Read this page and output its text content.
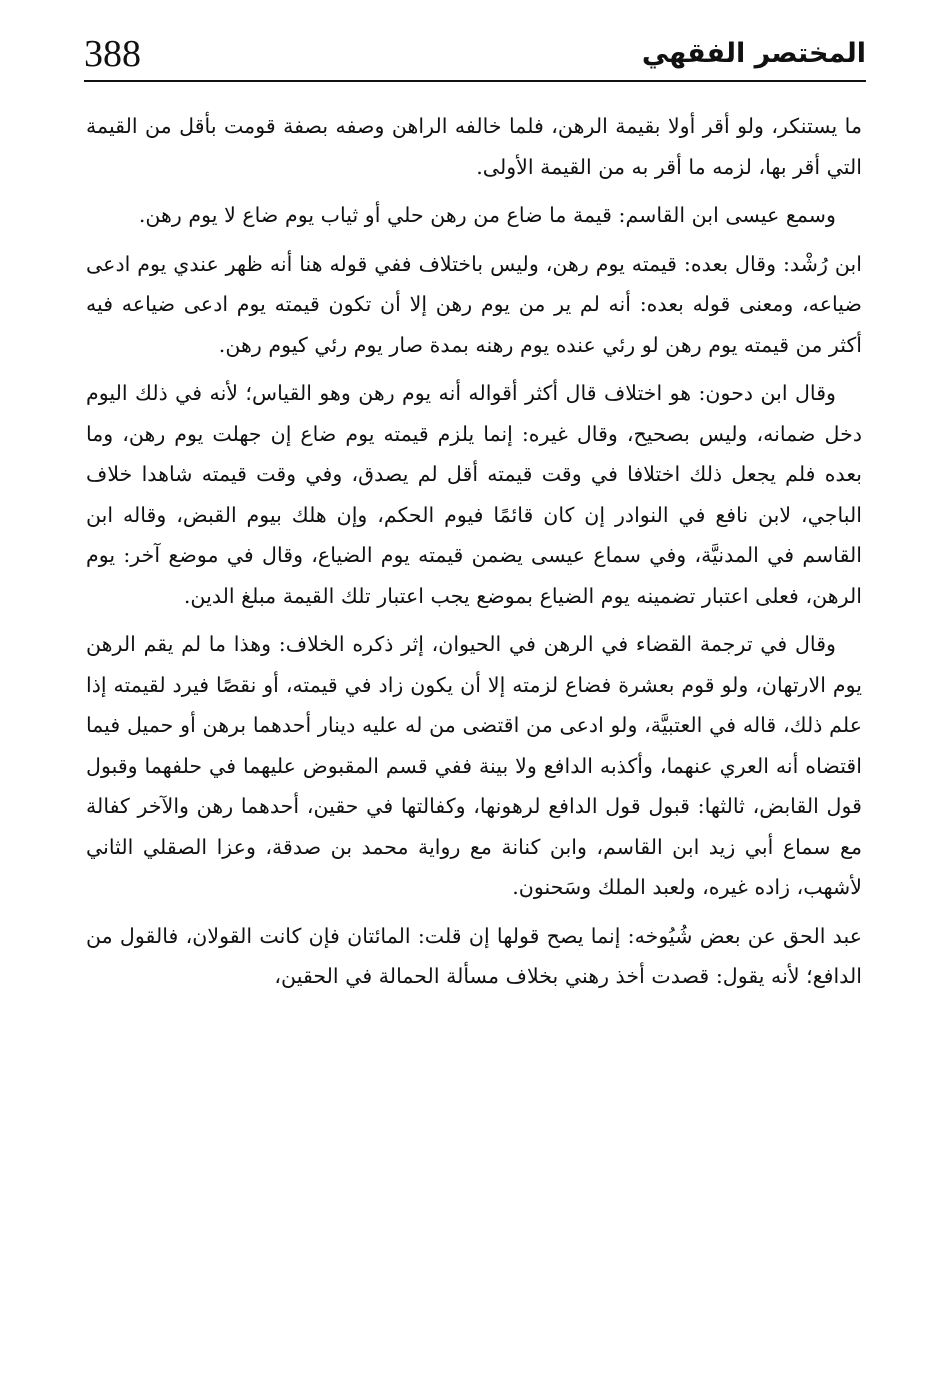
388	المختصر الفقهي

ما يستنكر، ولو أقر أولا بقيمة الرهن، فلما خالفه الراهن وصفه بصفة قومت بأقل من القيمة التي أقر بها، لزمه ما أقر به من القيمة الأولى.

وسمع عيسى ابن القاسم: قيمة ما ضاع من رهن حلي أو ثياب يوم ضاع لا يوم رهن.

ابن رُشْد: وقال بعده: قيمته يوم رهن، وليس باختلاف ففي قوله هنا أنه ظهر عندي يوم ادعى ضياعه، ومعنى قوله بعده: أنه لم ير من يوم رهن إلا أن تكون قيمته يوم ادعى ضياعه فيه أكثر من قيمته يوم رهن لو رئي عنده يوم رهنه بمدة صار يوم رئي كيوم رهن.

وقال ابن دحون: هو اختلاف قال أكثر أقواله أنه يوم رهن وهو القياس؛ لأنه في ذلك اليوم دخل ضمانه، وليس بصحيح، وقال غيره: إنما يلزم قيمته يوم ضاع إن جهلت يوم رهن، وما بعده فلم يجعل ذلك اختلافا في وقت قيمته أقل لم يصدق، وفي وقت قيمته شاهدا خلاف الباجي، لابن نافع في النوادر إن كان قائمًا فيوم الحكم، وإن هلك بيوم القبض، وقاله ابن القاسم في المدنيَّة، وفي سماع عيسى يضمن قيمته يوم الضياع، وقال في موضع آخر: يوم الرهن، فعلى اعتبار تضمينه يوم الضياع بموضع يجب اعتبار تلك القيمة مبلغ الدين.

وقال في ترجمة القضاء في الرهن في الحيوان، إثر ذكره الخلاف: وهذا ما لم يقم الرهن يوم الارتهان، ولو قوم بعشرة فضاع لزمته إلا أن يكون زاد في قيمته، أو نقصًا فيرد لقيمته إذا علم ذلك، قاله في العتبيَّة، ولو ادعى من اقتضى من له عليه دينار أحدهما برهن أو حميل فيما اقتضاه أنه العري عنهما، وأكذبه الدافع ولا بينة ففي قسم المقبوض عليهما في حلفهما وقبول قول القابض، ثالثها: قبول قول الدافع لرهونها، وكفالتها في حقين، أحدهما رهن والآخر كفالة مع سماع أبي زيد ابن القاسم، وابن كنانة مع رواية محمد بن صدقة، وعزا الصقلي الثاني لأشهب، زاده غيره، ولعبد الملك وسَحنون.

عبد الحق عن بعض شُيُوخه: إنما يصح قولها إن قلت: المائتان فإن كانت القولان، فالقول من الدافع؛ لأنه يقول: قصدت أخذ رهني بخلاف مسألة الحمالة في الحقين،
